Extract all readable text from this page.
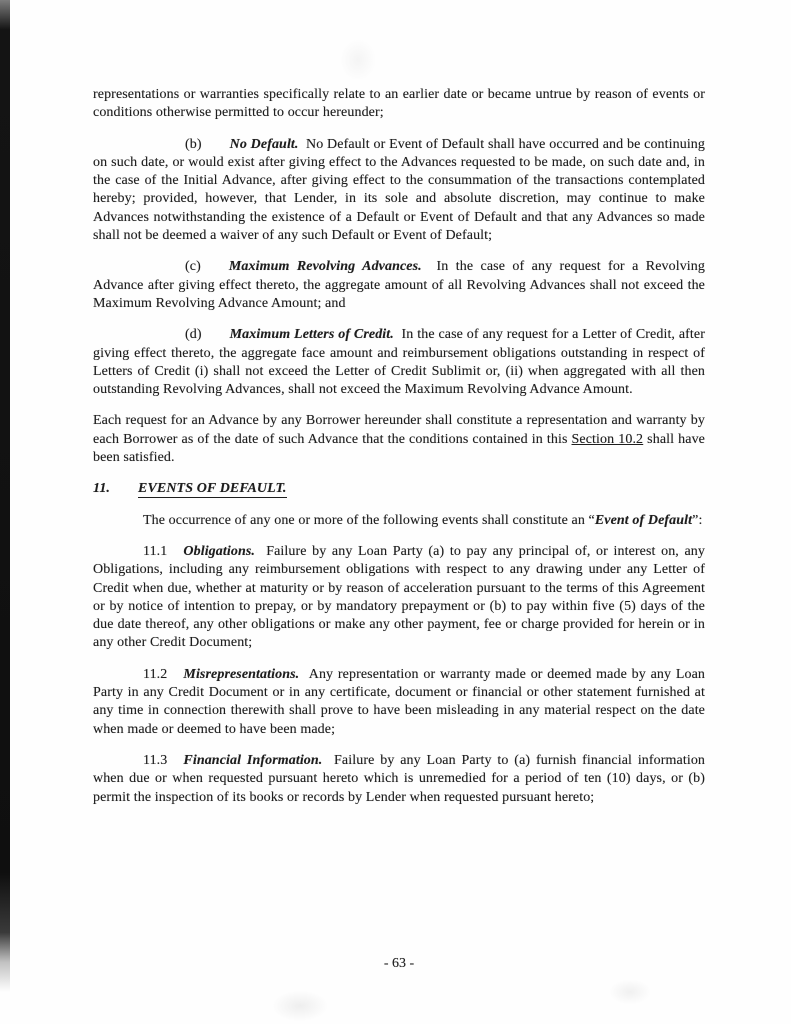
representations or warranties specifically relate to an earlier date or became untrue by reason of events or conditions otherwise permitted to occur hereunder;

(b) No Default. No Default or Event of Default shall have occurred and be continuing on such date, or would exist after giving effect to the Advances requested to be made, on such date and, in the case of the Initial Advance, after giving effect to the consummation of the transactions contemplated hereby; provided, however, that Lender, in its sole and absolute discretion, may continue to make Advances notwithstanding the existence of a Default or Event of Default and that any Advances so made shall not be deemed a waiver of any such Default or Event of Default;

(c) Maximum Revolving Advances. In the case of any request for a Revolving Advance after giving effect thereto, the aggregate amount of all Revolving Advances shall not exceed the Maximum Revolving Advance Amount; and

(d) Maximum Letters of Credit. In the case of any request for a Letter of Credit, after giving effect thereto, the aggregate face amount and reimbursement obligations outstanding in respect of Letters of Credit (i) shall not exceed the Letter of Credit Sublimit or, (ii) when aggregated with all then outstanding Revolving Advances, shall not exceed the Maximum Revolving Advance Amount.

Each request for an Advance by any Borrower hereunder shall constitute a representation and warranty by each Borrower as of the date of such Advance that the conditions contained in this Section 10.2 shall have been satisfied.

11. EVENTS OF DEFAULT.

The occurrence of any one or more of the following events shall constitute an “Event of Default”:

11.1 Obligations. Failure by any Loan Party (a) to pay any principal of, or interest on, any Obligations, including any reimbursement obligations with respect to any drawing under any Letter of Credit when due, whether at maturity or by reason of acceleration pursuant to the terms of this Agreement or by notice of intention to prepay, or by mandatory prepayment or (b) to pay within five (5) days of the due date thereof, any other obligations or make any other payment, fee or charge provided for herein or in any other Credit Document;

11.2 Misrepresentations. Any representation or warranty made or deemed made by any Loan Party in any Credit Document or in any certificate, document or financial or other statement furnished at any time in connection therewith shall prove to have been misleading in any material respect on the date when made or deemed to have been made;

11.3 Financial Information. Failure by any Loan Party to (a) furnish financial information when due or when requested pursuant hereto which is unremedied for a period of ten (10) days, or (b) permit the inspection of its books or records by Lender when requested pursuant hereto;

- 63 -
